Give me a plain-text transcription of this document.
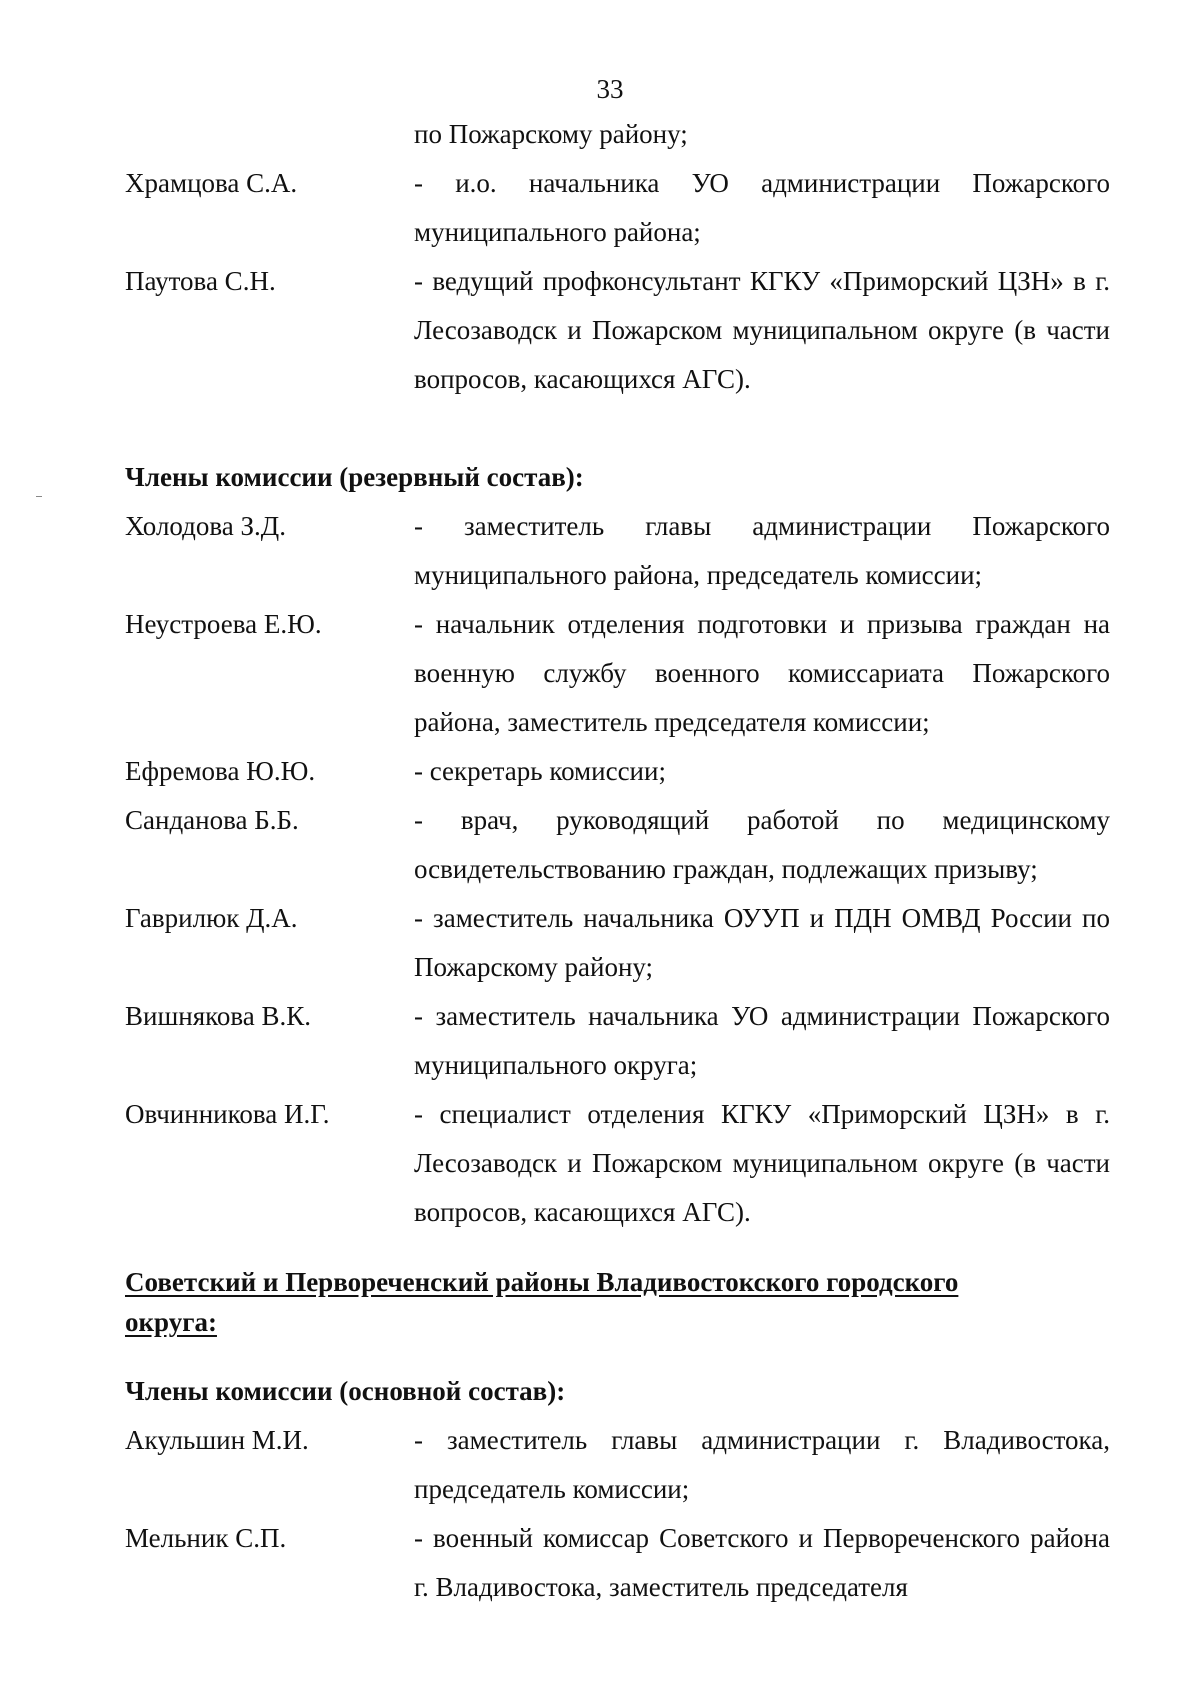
33
по Пожарскому району;
Храмцова С.А.	- и.о. начальника УО администрации Пожарского муниципального района;
Паутова С.Н.	- ведущий профконсультант КГКУ «Приморский ЦЗН» в г. Лесозаводск и Пожарском муниципальном округе (в части вопросов, касающихся АГС).
Члены комиссии (резервный состав):
Холодова З.Д.	- заместитель главы администрации Пожарского муниципального района, председатель комиссии;
Неустроева Е.Ю.	- начальник отделения подготовки и призыва граждан на военную службу военного комиссариата Пожарского района, заместитель председателя комиссии;
Ефремова Ю.Ю.	- секретарь комиссии;
Санданова Б.Б.	- врач, руководящий работой по медицинскому освидетельствованию граждан, подлежащих призыву;
Гаврилюк Д.А.	- заместитель начальника ОУУП и ПДН ОМВД России по Пожарскому району;
Вишнякова В.К.	- заместитель начальника УО администрации Пожарского муниципального округа;
Овчинникова И.Г.	- специалист отделения КГКУ «Приморский ЦЗН» в г. Лесозаводск и Пожарском муниципальном округе (в части вопросов, касающихся АГС).
Советский и Первореченский районы Владивостокского городского округа:
Члены комиссии (основной состав):
Акульшин М.И.	- заместитель главы администрации г. Владивостока, председатель комиссии;
Мельник С.П.	- военный комиссар Советского и Первореченского района г. Владивостока, заместитель председателя
